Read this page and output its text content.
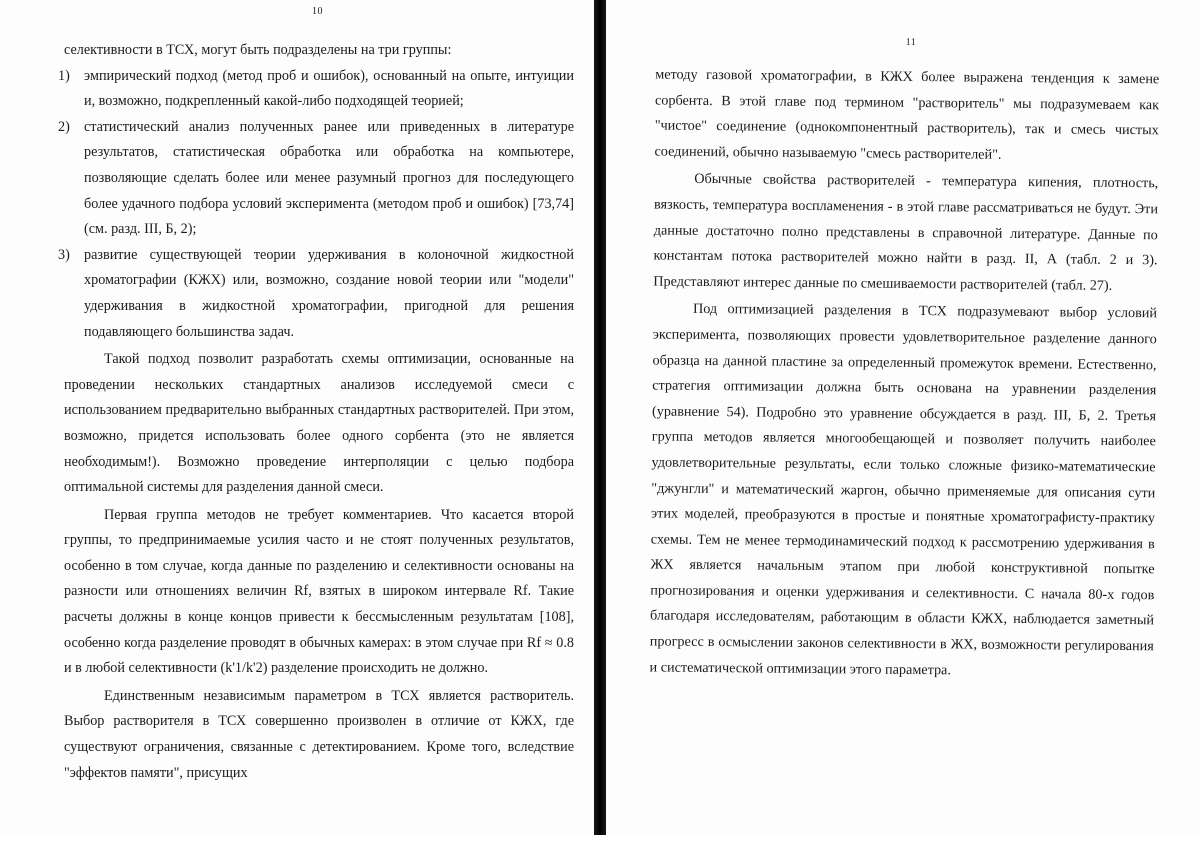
10

селективности в ТСХ, могут быть подразделены на три группы:

1) эмпирический подход (метод проб и ошибок), основанный на опыте, интуиции и, возможно, подкрепленный какой-либо подходящей теорией;
2) статистический анализ полученных ранее или приведенных в литературе результатов, статистическая обработка или обработка на компьютере, позволяющие сделать более или менее разумный прогноз для последующего более удачного подбора условий эксперимента (методом проб и ошибок) [73,74] (см. разд. III, Б, 2);
3) развитие существующей теории удерживания в колоночной жидкостной хроматографии (КЖХ) или, возможно, создание новой теории или "модели" удерживания в жидкостной хроматографии, пригодной для решения подавляющего большинства задач.

Такой подход позволит разработать схемы оптимизации, основанные на проведении нескольких стандартных анализов исследуемой смеси с использованием предварительно выбранных стандартных растворителей. При этом, возможно, придется использовать более одного сорбента (это не является необходимым!). Возможно проведение интерполяции с целью подбора оптимальной системы для разделения данной смеси.

Первая группа методов не требует комментариев. Что касается второй группы, то предпринимаемые усилия часто и не стоят полученных результатов, особенно в том случае, когда данные по разделению и селективности основаны на разности или отношениях величин Rf, взятых в широком интервале Rf. Такие расчеты должны в конце концов привести к бессмысленным результатам [108], особенно когда разделение проводят в обычных камерах: в этом случае при Rf ≈ 0.8 и в любой селективности (k'1/k'2) разделение происходить не должно.

Единственным независимым параметром в ТСХ является растворитель. Выбор растворителя в ТСХ совершенно произволен в отличие от КЖХ, где существуют ограничения, связанные с детектированием. Кроме того, вследствие "эффектов памяти", присущих

11

методу газовой хроматографии, в КЖХ более выражена тенденция к замене сорбента. В этой главе под термином "растворитель" мы подразумеваем как "чистое" соединение (однокомпонентный растворитель), так и смесь чистых соединений, обычно называемую "смесь растворителей".

Обычные свойства растворителей - температура кипения, плотность, вязкость, температура воспламенения - в этой главе рассматриваться не будут. Эти данные достаточно полно представлены в справочной литературе. Данные по константам потока растворителей можно найти в разд. II, А (табл. 2 и 3). Представляют интерес данные по смешиваемости растворителей (табл. 27).

Под оптимизацией разделения в ТСХ подразумевают выбор условий эксперимента, позволяющих провести удовлетворительное разделение данного образца на данной пластине за определенный промежуток времени. Естественно, стратегия оптимизации должна быть основана на уравнении разделения (уравнение 54). Подробно это уравнение обсуждается в разд. III, Б, 2. Третья группа методов является многообещающей и позволяет получить наиболее удовлетворительные результаты, если только сложные физико-математические "джунгли" и математический жаргон, обычно применяемые для описания сути этих моделей, преобразуются в простые и понятные хроматографисту-практику схемы. Тем не менее термодинамический подход к рассмотрению удерживания в ЖХ является начальным этапом при любой конструктивной попытке прогнозирования и оценки удерживания и селективности. С начала 80-х годов благодаря исследователям, работающим в области КЖХ, наблюдается заметный прогресс в осмыслении законов селективности в ЖХ, возможности регулирования и систематической оптимизации этого параметра.
